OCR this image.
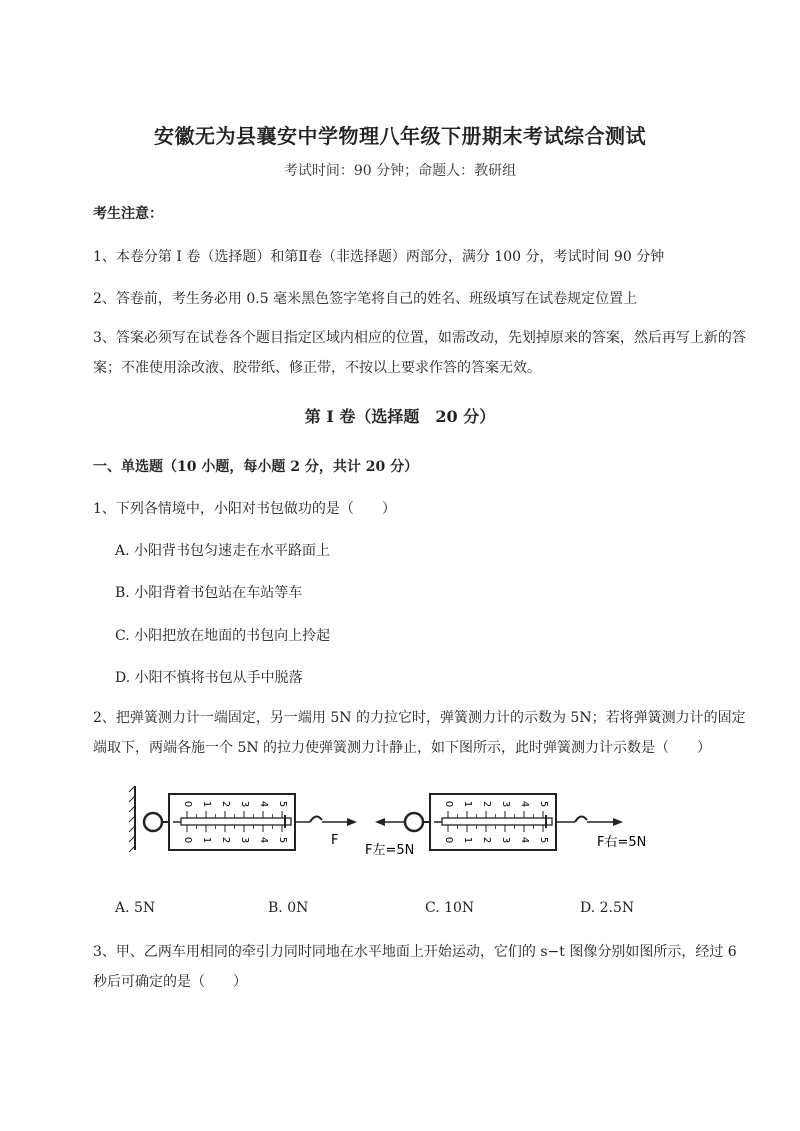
安徽无为县襄安中学物理八年级下册期末考试综合测试
考试时间：90 分钟；命题人：教研组
考生注意：
1、本卷分第 I 卷（选择题）和第Ⅱ卷（非选择题）两部分，满分 100 分，考试时间 90 分钟
2、答卷前，考生务必用 0.5 毫米黑色签字笔将自己的姓名、班级填写在试卷规定位置上
3、答案必须写在试卷各个题目指定区域内相应的位置，如需改动，先划掉原来的答案，然后再写上新的答案；不准使用涂改液、胶带纸、修正带，不按以上要求作答的答案无效。
第 I 卷（选择题　20 分）
一、单选题（10 小题，每小题 2 分，共计 20 分）
1、下列各情境中，小阳对书包做功的是（　　）
A. 小阳背书包匀速走在水平路面上
B. 小阳背着书包站在车站等车
C. 小阳把放在地面的书包向上拎起
D. 小阳不慎将书包从手中脱落
2、把弹簧测力计一端固定，另一端用 5N 的力拉它时，弹簧测力计的示数为 5N；若将弹簧测力计的固定端取下，两端各施一个 5N 的拉力使弹簧测力计静止，如下图所示，此时弹簧测力计示数是（　　）
F
0
0
1
1
2
2
3
3
4
4
5
5
0
0
1
1
2
2
3
3
4
4
5
5
F左=5N
F右=5N
A. 5N	B. 0N	C. 10N	D. 2.5N
3、甲、乙两车用相同的牵引力同时同地在水平地面上开始运动，它们的 s−t 图像分别如图所示，经过 6 秒后可确定的是（　　）
